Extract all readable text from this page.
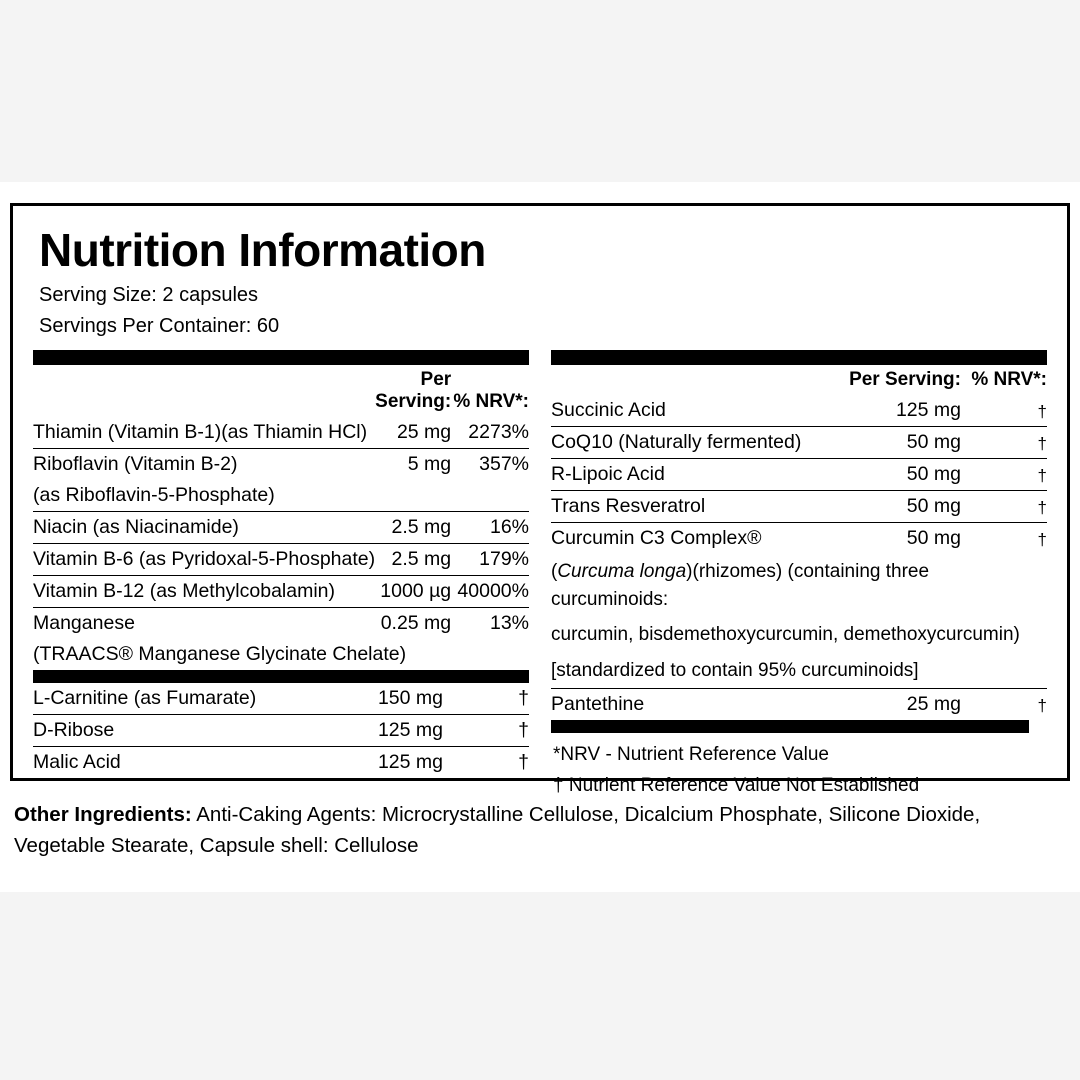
Nutrition Information
Serving Size: 2 capsules
Servings Per Container: 60
	Per Serving:	% NRV*:
Thiamin (Vitamin B-1)(as Thiamin HCl)	25 mg	2273%
Riboflavin (Vitamin B-2)	5 mg	357%
(as Riboflavin-5-Phosphate)		
Niacin (as Niacinamide)	2.5 mg	16%
Vitamin B-6 (as Pyridoxal-5-Phosphate)	2.5 mg	179%
Vitamin B-12 (as Methylcobalamin)	1000 µg	40000%
Manganese	0.25 mg	13%
(TRAACS® Manganese Glycinate Chelate)		
L-Carnitine (as Fumarate)	150 mg	†
D-Ribose	125 mg	†
Malic Acid	125 mg	†
	Per Serving:	% NRV*:
Succinic Acid	125 mg	†
CoQ10 (Naturally fermented)	50 mg	†
R-Lipoic Acid	50 mg	†
Trans Resveratrol	50 mg	†
Curcumin C3 Complex®	50 mg	†
(Curcuma longa)(rhizomes) (containing three curcuminoids:		
curcumin, bisdemethoxycurcumin, demethoxycurcumin)		
[standardized to contain 95% curcuminoids]		
Pantethine	25 mg	†
*NRV - Nutrient Reference Value
† Nutrient Reference Value Not Established
Other Ingredients: Anti-Caking Agents: Microcrystalline Cellulose, Dicalcium Phosphate, Silicone Dioxide, Vegetable Stearate, Capsule shell: Cellulose
